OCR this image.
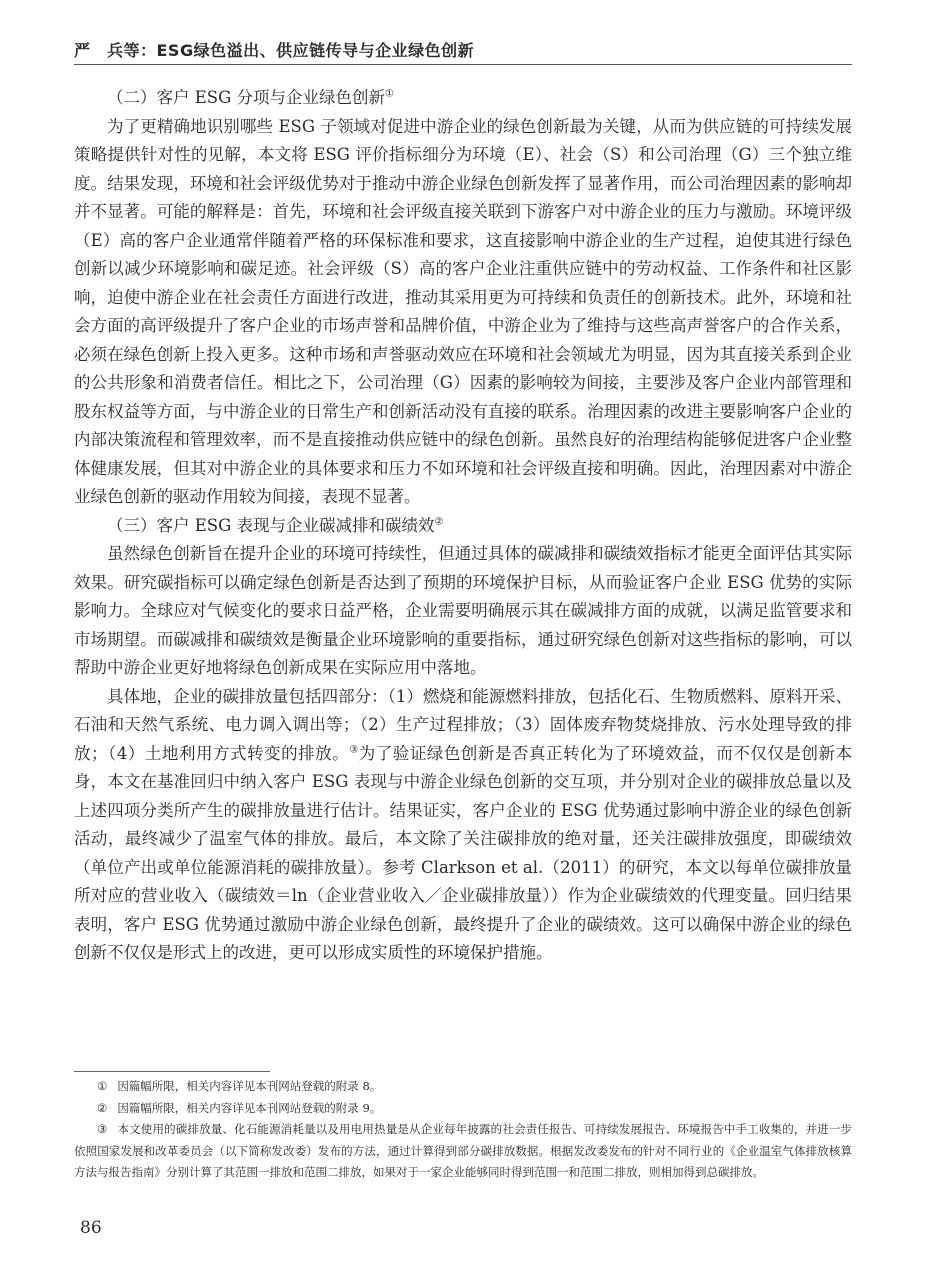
严　兵等：ESG绿色溢出、供应链传导与企业绿色创新
（二）客户 ESG 分项与企业绿色创新①

为了更精确地识别哪些 ESG 子领域对促进中游企业的绿色创新最为关键，从而为供应链的可持续发展策略提供针对性的见解，本文将 ESG 评价指标细分为环境（E）、社会（S）和公司治理（G）三个独立维度。结果发现，环境和社会评级优势对于推动中游企业绿色创新发挥了显著作用，而公司治理因素的影响却并不显著。可能的解释是：首先，环境和社会评级直接关联到下游客户对中游企业的压力与激励。环境评级（E）高的客户企业通常伴随着严格的环保标准和要求，这直接影响中游企业的生产过程，迫使其进行绿色创新以减少环境影响和碳足迹。社会评级（S）高的客户企业注重供应链中的劳动权益、工作条件和社区影响，迫使中游企业在社会责任方面进行改进，推动其采用更为可持续和负责任的创新技术。此外，环境和社会方面的高评级提升了客户企业的市场声誉和品牌价值，中游企业为了维持与这些高声誉客户的合作关系，必须在绿色创新上投入更多。这种市场和声誉驱动效应在环境和社会领域尤为明显，因为其直接关系到企业的公共形象和消费者信任。相比之下，公司治理（G）因素的影响较为间接，主要涉及客户企业内部管理和股东权益等方面，与中游企业的日常生产和创新活动没有直接的联系。治理因素的改进主要影响客户企业的内部决策流程和管理效率，而不是直接推动供应链中的绿色创新。虽然良好的治理结构能够促进客户企业整体健康发展，但其对中游企业的具体要求和压力不如环境和社会评级直接和明确。因此，治理因素对中游企业绿色创新的驱动作用较为间接，表现不显著。

（三）客户 ESG 表现与企业碳减排和碳绩效②

虽然绿色创新旨在提升企业的环境可持续性，但通过具体的碳减排和碳绩效指标才能更全面评估其实际效果。研究碳指标可以确定绿色创新是否达到了预期的环境保护目标，从而验证客户企业 ESG 优势的实际影响力。全球应对气候变化的要求日益严格，企业需要明确展示其在碳减排方面的成就，以满足监管要求和市场期望。而碳减排和碳绩效是衡量企业环境影响的重要指标，通过研究绿色创新对这些指标的影响，可以帮助中游企业更好地将绿色创新成果在实际应用中落地。

具体地，企业的碳排放量包括四部分：（1）燃烧和能源燃料排放，包括化石、生物质燃料、原料开采、石油和天然气系统、电力调入调出等；（2）生产过程排放；（3）固体废弃物焚烧排放、污水处理导致的排放；（4）土地利用方式转变的排放。③为了验证绿色创新是否真正转化为了环境效益，而不仅仅是创新本身，本文在基准回归中纳入客户 ESG 表现与中游企业绿色创新的交互项，并分别对企业的碳排放总量以及上述四项分类所产生的碳排放量进行估计。结果证实，客户企业的 ESG 优势通过影响中游企业的绿色创新活动，最终减少了温室气体的排放。最后，本文除了关注碳排放的绝对量，还关注碳排放强度，即碳绩效（单位产出或单位能源消耗的碳排放量）。参考 Clarkson et al.（2011）的研究，本文以每单位碳排放量所对应的营业收入（碳绩效＝ln（企业营业收入／企业碳排放量））作为企业碳绩效的代理变量。回归结果表明，客户 ESG 优势通过激励中游企业绿色创新，最终提升了企业的碳绩效。这可以确保中游企业的绿色创新不仅仅是形式上的改进，更可以形成实质性的环境保护措施。

① 因篇幅所限，相关内容详见本刊网站登载的附录 8。

② 因篇幅所限，相关内容详见本刊网站登载的附录 9。

③ 本文使用的碳排放量、化石能源消耗量以及用电用热量是从企业每年披露的社会责任报告、可持续发展报告、环境报告中手工收集的，并进一步依照国家发展和改革委员会（以下简称发改委）发布的方法，通过计算得到部分碳排放数据。根据发改委发布的针对不同行业的《企业温室气体排放核算方法与报告指南》分别计算了其范围一排放和范围二排放，如果对于一家企业能够同时得到范围一和范围二排放，则相加得到总碳排放。

86
